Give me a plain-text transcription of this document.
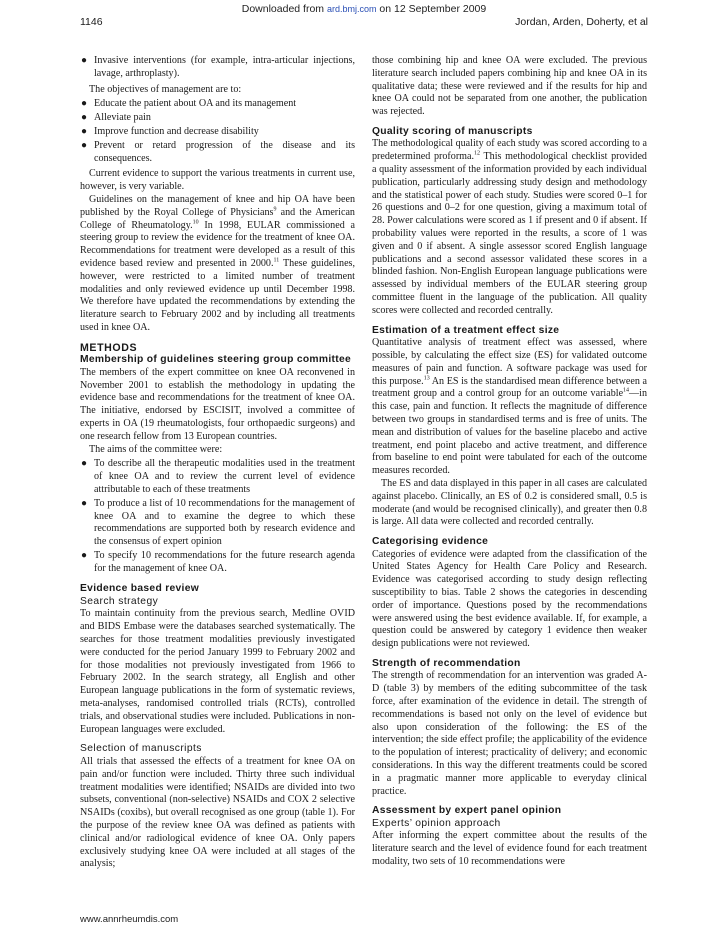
Downloaded from ard.bmj.com on 12 September 2009
1146	Jordan, Arden, Doherty, et al
● Invasive interventions (for example, intra-articular injections, lavage, arthroplasty).

The objectives of management are to:

● Educate the patient about OA and its management
● Alleviate pain
● Improve function and decrease disability
● Prevent or retard progression of the disease and its consequences.

Current evidence to support the various treatments in current use, however, is very variable.

Guidelines on the management of knee and hip OA have been published by the Royal College of Physicians$^9$ and the American College of Rheumatology.$^{10}$ In 1998, EULAR commissioned a steering group to review the evidence for the treatment of knee OA. Recommendations for treatment were developed as a result of this evidence based review and presented in 2000.11 These guidelines, however, were restricted to a limited number of treatment modalities and only reviewed evidence up until December 1998. We therefore have updated the recommendations by extending the literature search to February 2002 and by including all treatments used in knee OA.

METHODS
Membership of guidelines steering group committee

The members of the expert committee on knee OA reconvened in November 2001 to establish the methodology in updating the evidence base and recommendations for the treatment of knee OA. The initiative, endorsed by ESCISIT, involved a committee of experts in OA (19 rheumatologists, four orthopaedic surgeons) and one research fellow from 13 European countries.

The aims of the committee were:

● To describe all the therapeutic modalities used in the treatment of knee OA and to review the current level of evidence attributable to each of these treatments
● To produce a list of 10 recommendations for the management of knee OA and to examine the degree to which these recommendations are supported both by research evidence and the consensus of expert opinion
● To specify 10 recommendations for the future research agenda for the management of knee OA.
Evidence based review
Search strategy

To maintain continuity from the previous search, Medline OVID and BIDS Embase were the databases searched systematically. The searches for those treatment modalities previously investigated were conducted for the period January 1999 to February 2002 and for those modalities not previously investigated from 1966 to February 2002. In the search strategy, all English and other European language publications in the form of systematic reviews, meta-analyses, randomised controlled trials (RCTs), controlled trials, and observational studies were included. Publications in non-European languages were excluded.

Selection of manuscripts

All trials that assessed the effects of a treatment for knee OA on pain and/or function were included. Thirty three such individual treatment modalities were identified; NSAIDs are divided into two subsets, conventional (non-selective) NSAIDs and COX 2 selective NSAIDs (coxibs), but overall recognised as one group (table 1). For the purpose of the review knee OA was defined as patients with clinical and/or radiological evidence of knee OA. Only papers exclusively studying knee OA were included at all stages of the analysis;

those combining hip and knee OA were excluded. The previous literature search included papers combining hip and knee OA in its qualitative data; these were reviewed and if the results for hip and knee OA could not be separated from one another, the publication was rejected.

Quality scoring of manuscripts

The methodological quality of each study was scored according to a predetermined proforma.$^{12}$ This methodological checklist provided a quality assessment of the information provided by each individual publication, particularly addressing study design and methodology and the statistical power of each study. Studies were scored 0–1 for 26 questions and 0–2 for one question, giving a maximum total of 28. Power calculations were scored as 1 if present and 0 if absent. If probability values were reported in the results, a score of 1 was given and 0 if absent. A single assessor scored English language publications and a second assessor validated these scores in a blinded fashion. Non-English European language publications were assessed by individual members of the EULAR steering group committee fluent in the language of the publication. All quality scores were collected and recorded centrally.

Estimation of a treatment effect size

Quantitative analysis of treatment effect was assessed, where possible, by calculating the effect size (ES) for validated outcome measures of pain and function. A software package was used for this purpose.$^{13}$ An ES is the standardised mean difference between a treatment group and a control group for an outcome variable$^{14}$—in this case, pain and function. It reflects the magnitude of difference between two groups in standardised terms and is free of units. The mean and distribution of values for the baseline placebo and active treatment, end point placebo and active treatment, and difference from baseline to end point were tabulated for each of the outcome measures recorded.

The ES and data displayed in this paper in all cases are calculated against placebo. Clinically, an ES of 0.2 is considered small, 0.5 is moderate (and would be recognised clinically), and greater then 0.8 is large. All data were collected and recorded centrally.

Categorising evidence

Categories of evidence were adapted from the classification of the United States Agency for Health Care Policy and Research. Evidence was categorised according to study design reflecting susceptibility to bias. Table 2 shows the categories in descending order of importance. Questions posed by the recommendations were answered using the best evidence available. If, for example, a question could be answered by category 1 evidence then weaker design publications were not reviewed.

Strength of recommendation

The strength of recommendation for an intervention was graded A-D (table 3) by members of the editing subcommittee of the task force, after examination of the evidence in detail. The strength of recommendations is based not only on the level of evidence but also upon consideration of the following: the ES of the intervention; the side effect profile; the applicability of the evidence to the population of interest; practicality of delivery; and economic considerations. In this way the different treatments could be scored in a pragmatic manner more applicable to everyday clinical practice.

Assessment by expert panel opinion
Experts’ opinion approach

After informing the expert committee about the results of the literature search and the level of evidence found for each treatment modality, two sets of 10 recommendations were

www.annrheumdis.com
